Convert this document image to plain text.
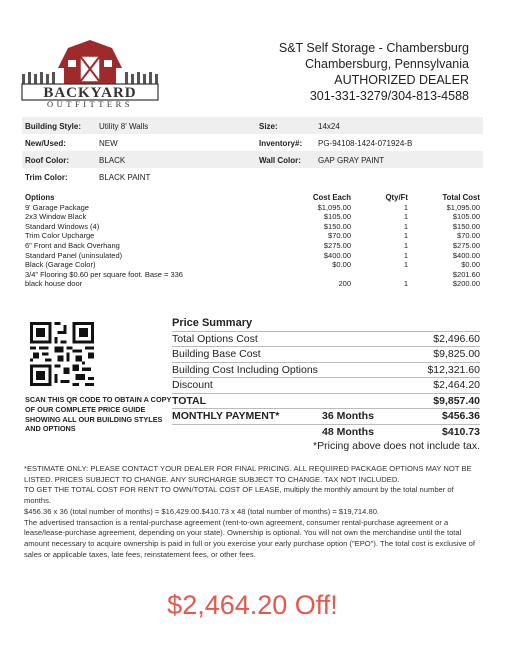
BACKYARD
OUTFITTERS
S&T Self Storage - Chambersburg
Chambersburg, Pennsylvania
AUTHORIZED DEALER
301-331-3279/304-813-4588
Building Style: Utility 8' Walls	Size:	14x24
New/Used:	NEW	Inventory#: PG-94108-1424-071924-B
Roof Color:	BLACK	Wall Color: GAP GRAY PAINT
Trim Color:	BLACK PAINT
Options	Cost Each	Qty/Ft	Total Cost
9' Garage Package	$1,095.00	1	$1,095.00
2x3 Window Black	$105.00	1	$105.00
Standard Windows (4)	$150.00	1	$150.00
Trim Color Upcharge	$70.00	1	$70.00
6" Front and Back Overhang	$275.00	1	$275.00
Standard Panel (uninsulated)	$400.00	1	$400.00
Black (Garage Color)	$0.00	1	$0.00
3/4" Flooring $0.60 per square foot. Base = 336			$201.60
black house door	200	1	$200.00
SCAN THIS QR CODE TO OBTAIN A COPY OF OUR COMPLETE PRICE GUIDE SHOWING ALL OUR BUILDING STYLES AND OPTIONS
Price Summary
Total Options Cost	$2,496.60
Building Base Cost	$9,825.00
Building Cost Including Options	$12,321.60
Discount	$2,464.20
TOTAL	$9,857.40
MONTHLY PAYMENT*	36 Months	$456.36
48 Months	$410.73
*Pricing above does not include tax.

*ESTIMATE ONLY: PLEASE CONTACT YOUR DEALER FOR FINAL PRICING. ALL REQUIRED PACKAGE OPTIONS MAY NOT BE LISTED. PRICES SUBJECT TO CHANGE. ANY SURCHARGE SUBJECT TO CHANGE. TAX NOT INCLUDED.

TO GET THE TOTAL COST FOR RENT TO OWN/TOTAL COST OF LEASE, multiply the monthly amount by the total number of months.

$456.36 x 36 (total number of months) = $16,429.00.$410.73 x 48 (total number of months) = $19,714.80.

The advertised transaction is a rental-purchase agreement (rent-to-own agreement, consumer rental-purchase agreement or a lease/lease-purchase agreement, depending on your state). Ownership is optional. You will not own the merchandise until the total amount necessary to acquire ownership is paid in full or you exercise your early purchase option ("EPO"). The total cost is exclusive of sales or applicable taxes, late fees, reinstatement fees, or other fees.

$2,464.20 Off!
